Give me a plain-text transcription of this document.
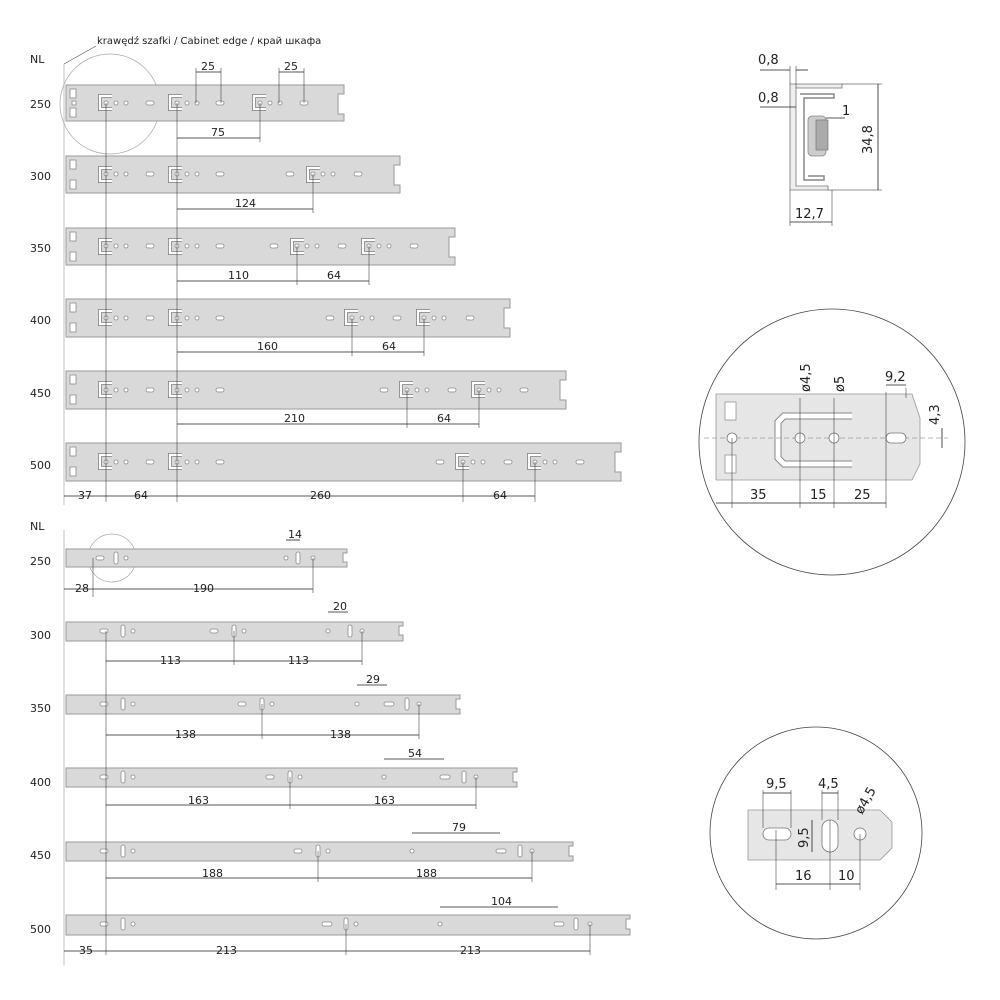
NL
krawędź szafki / Cabinet edge / край шкафа
250
25	25
75
300
124
350
110	64
400
160	64
450
210	64
500
37	64	260	64
NL
250
14
28	190
300
20
113	113
350
29
138	138
400
54
163	163
450
79
188	188
500
104
35	213	213
0,8
0,8
1
34,8
12,7
ø4,5 ø5	9,2
4,3
35	15 25
9,5 4,5
ø4,5
9,5
16 10
